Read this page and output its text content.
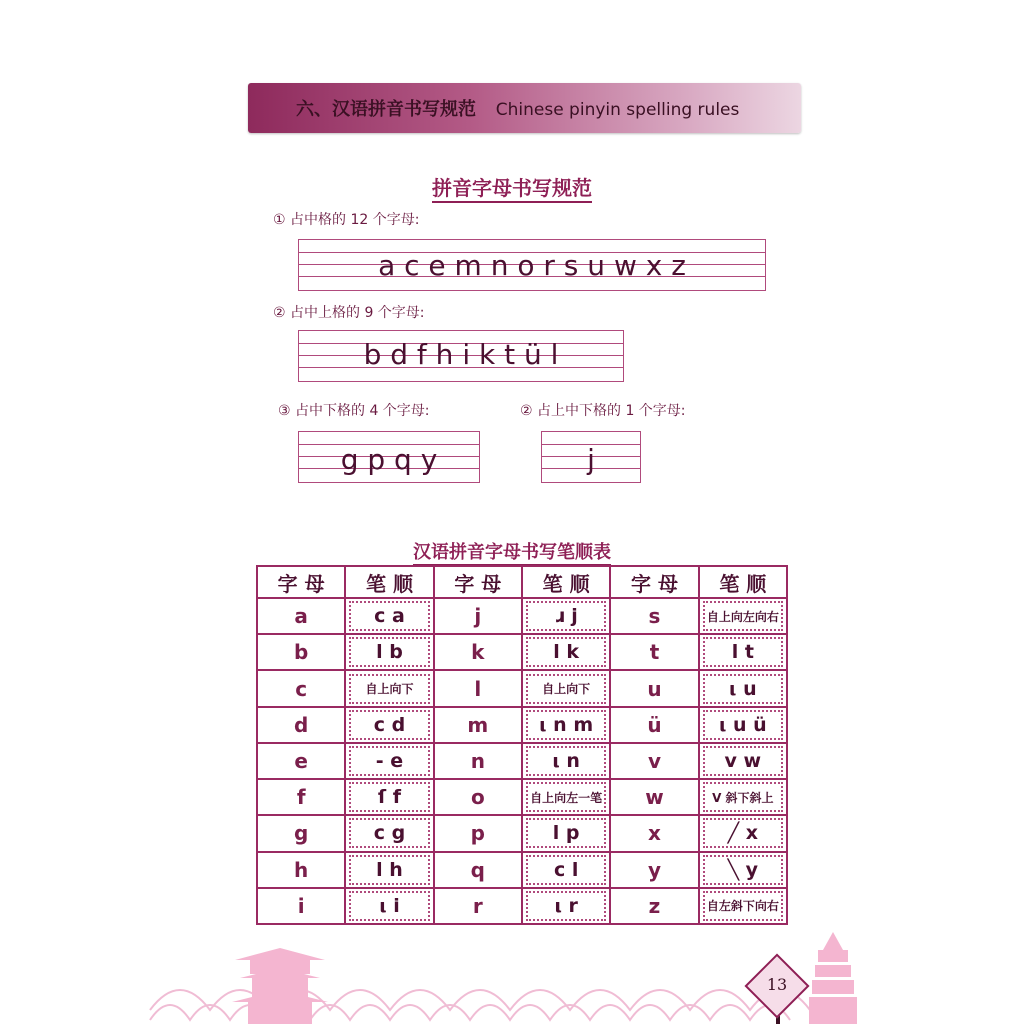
六、汉语拼音书写规范 Chinese pinyin spelling rules
拼音字母书写规范
① 占中格的 12 个字母:
a c e m n o r s u w x z
② 占中上格的 9 个字母:
b d f h i k t ü l
③ 占中下格的 4 个字母:
g p q y
② 占上中下格的 1 个字母:
j
汉语拼音字母书写笔顺表
字 母	笔 顺	字 母	笔 顺	字 母	笔 顺
a	c a	j	ɹ j	s	自上向左向右

b	l b	k	l k	t	l t

c	自上向下	l	自上向下	u	ι u

d	c d	m	ι n m	ü	ι u ü

e	- e	n	ι n	v	v w

f	ſ f	o	自上向左一笔	w	V 斜下斜上

g	c g	p	l p	x	╱ x

h	l h	q	c l	y	╲ y

i	ι i	r	ι r	z	自左斜下向右
13
